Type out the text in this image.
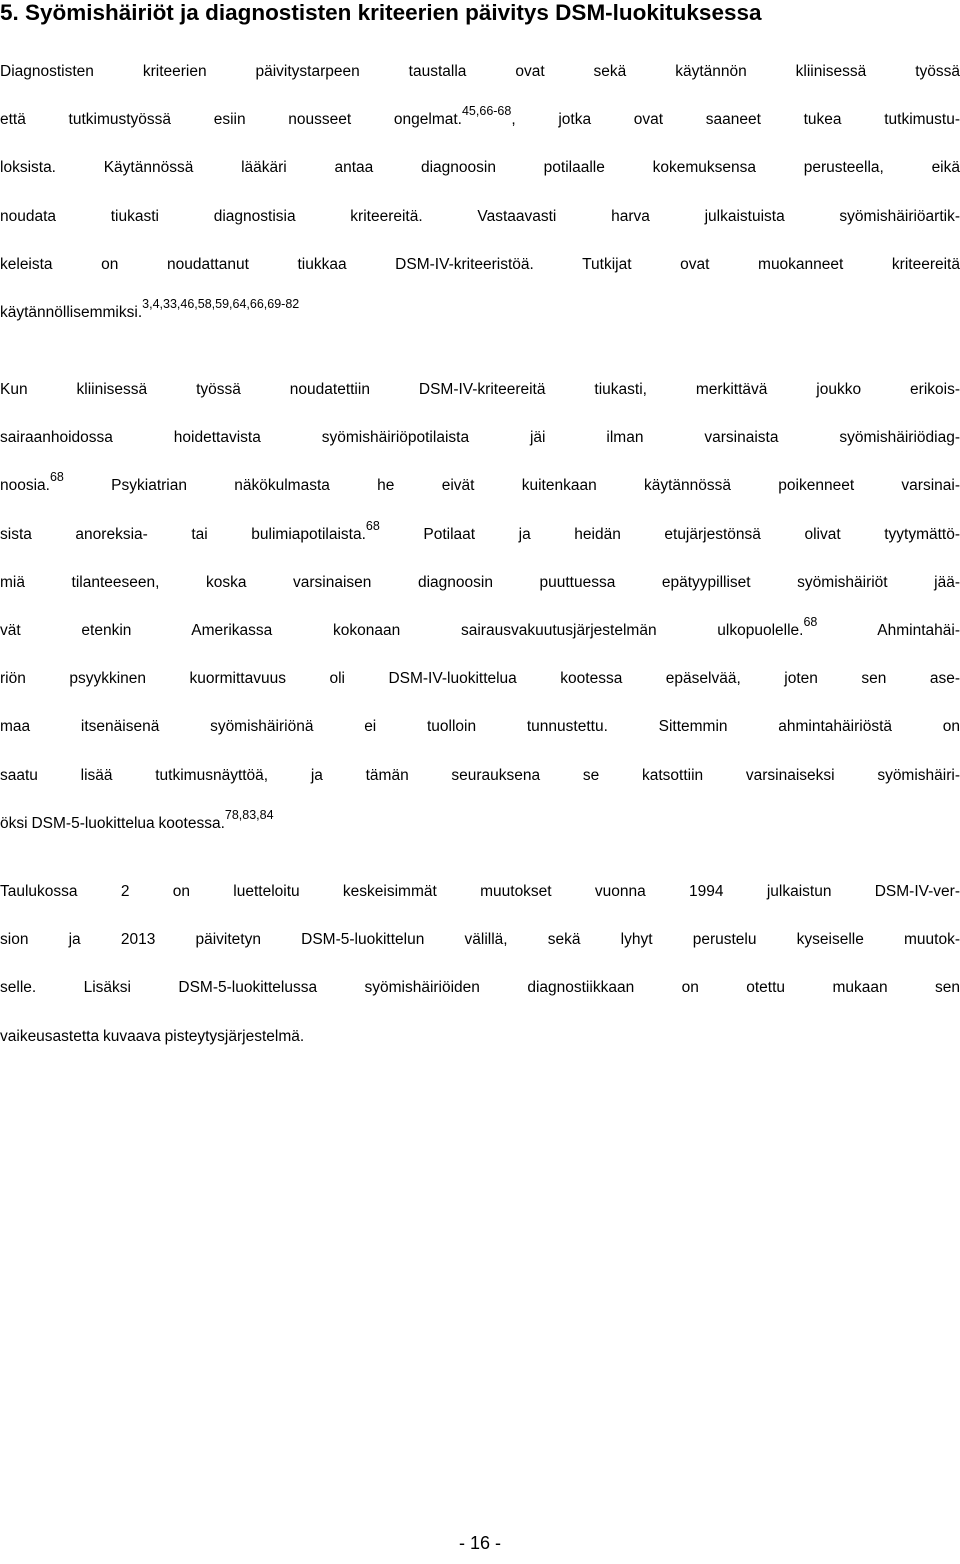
5. Syömishäiriöt ja diagnostisten kriteerien päivitys DSM-luokituksessa
Diagnostisten kriteerien päivitystarpeen taustalla ovat sekä käytännön kliinisessä työssä
että tutkimustyössä esiin nousseet ongelmat.$^{45,66-68}$, jotka ovat saaneet tukea tutkimustu-
loksista. Käytännössä lääkäri antaa diagnoosin potilaalle kokemuksensa perusteella, eikä
noudata tiukasti diagnostisia kriteereitä. Vastaavasti harva julkaistuista syömishäiriöartik-
keleista on noudattanut tiukkaa DSM-IV-kriteeristöä. Tutkijat ovat muokanneet kriteereitä
käytännöllisemmiksi.$^{3,4,33,46,58,59,64,66,69-82}$
Kun kliinisessä työssä noudatettiin DSM-IV-kriteereitä tiukasti, merkittävä joukko erikois-
sairaanhoidossa hoidettavista syömishäiriöpotilaista jäi ilman varsinaista syömishäiriödiag-
noosia.$^{68}$ Psykiatrian näkökulmasta he eivät kuitenkaan käytännössä poikenneet varsinai-
sista anoreksia- tai bulimiapotilaista.$^{68}$ Potilaat ja heidän etujärjestönsä olivat tyytymättö-
miä tilanteeseen, koska varsinaisen diagnoosin puuttuessa epätyypilliset syömishäiriöt jää-
vät etenkin Amerikassa kokonaan sairausvakuutusjärjestelmän ulkopuolelle.$^{68}$ Ahmintahäi-
riön psyykkinen kuormittavuus oli DSM-IV-luokittelua kootessa epäselvää, joten sen ase-
maa itsenäisenä syömishäiriönä ei tuolloin tunnustettu. Sittemmin ahmintahäiriöstä on
saatu lisää tutkimusnäyttöä, ja tämän seurauksena se katsottiin varsinaiseksi syömishäiri-
öksi DSM-5-luokittelua kootessa.$^{78,83,84}$
Taulukossa 2 on luetteloitu keskeisimmät muutokset vuonna 1994 julkaistun DSM-IV-ver-
sion ja 2013 päivitetyn DSM-5-luokittelun välillä, sekä lyhyt perustelu kyseiselle muutok-
selle. Lisäksi DSM-5-luokittelussa syömishäiriöiden diagnostiikkaan on otettu mukaan sen
vaikeusastetta kuvaava pisteytysjärjestelmä.
- 16 -
